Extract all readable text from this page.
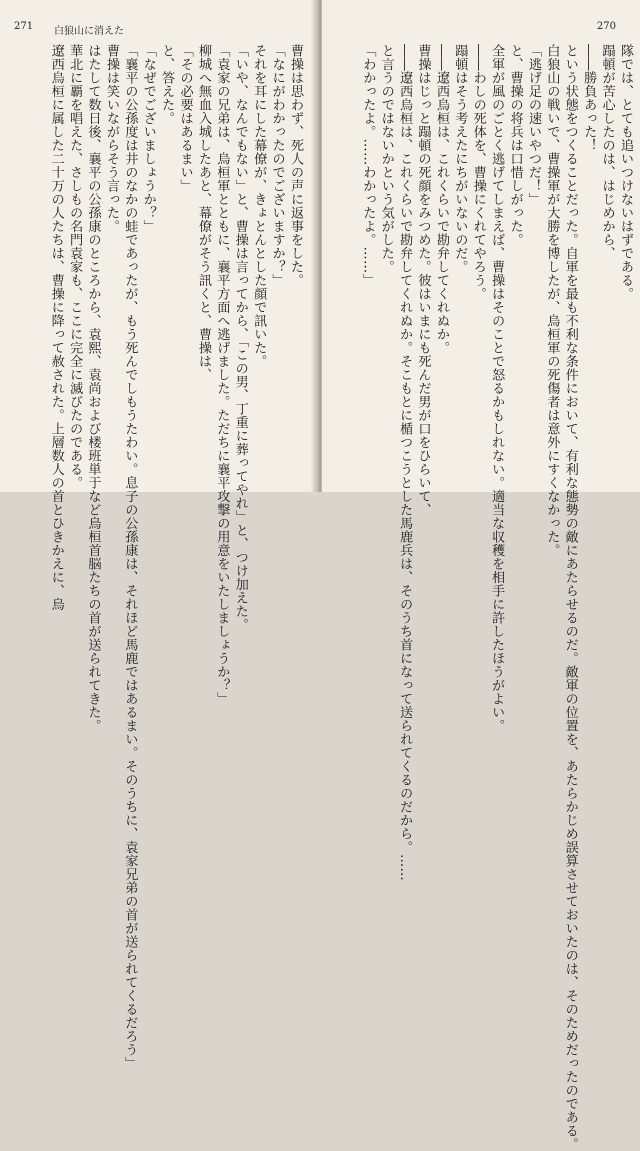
271 白狼山に消えた
曹操は思わず、死人の声に返事をした。
「なにがわかったのでございますか？」
それを耳にした幕僚が、きょとんとした顔で訊いた。
「いや、なんでもない」と、曹操は言ってから、「この男、丁重に葬ってやれ」と、つけ加えた。
「袁家の兄弟は、烏桓軍とともに、襄平方面へ逃げました。ただちに襄平攻撃の用意をいたしましょうか？」
柳城へ無血入城したあと、幕僚がそう訊くと、曹操は、
「その必要はあるまい」
と、答えた。
「なぜでございましょうか？」
「襄平の公孫度は井のなかの蛙であったが、もう死んでしもうたわい。息子の公孫康は、それほど馬鹿ではあるまい。そのうちに、袁家兄弟の首が送られてくるだろう」
曹操は笑いながらそう言った。
はたして数日後、襄平の公孫康のところから、袁熙、袁尚および楼班単于など烏桓首脳たちの首が送られてきた。
華北に覇を唱えた、さしもの名門袁家も、ここに完全に滅びたのである。
遼西烏桓に属した二十万の人たちは、曹操に降って赦された。上層数人の首とひきかえに、烏
270
隊では、とても追いつけないはずである。
蹋頓が苦心したのは、はじめから、
――勝負あった！
という状態をつくることだった。自軍を最も不利な条件において、有利な態勢の敵にあたらせるのだ。敵軍の位置を、あたらかじめ誤算させておいたのは、そのためだったのである。
白狼山の戦いで、曹操軍が大勝を博したが、烏桓軍の死傷者は意外にすくなかった。
「逃げ足の速いやつだ！」
と、曹操の将兵は口惜しがった。
全軍が風のごとく逃げてしまえば、曹操はそのことで怒るかもしれない。適当な収穫を相手に許したほうがよい。
――わしの死体を、曹操にくれてやろう。
蹋頓はそう考えたにちがいないのだ。
――遼西烏桓は、これくらいで勘弁してくれぬか。
曹操はじっと蹋頓の死顔をみつめた。彼はいまにも死んだ男が口をひらいて、
――遼西烏桓は、これくらいで勘弁してくれぬか。そこもとに楯つこうとした馬鹿兵は、そのうち首になって送られてくるのだから。……
と言うのではないかという気がした。
「わかったよ。……わかったよ。……」
